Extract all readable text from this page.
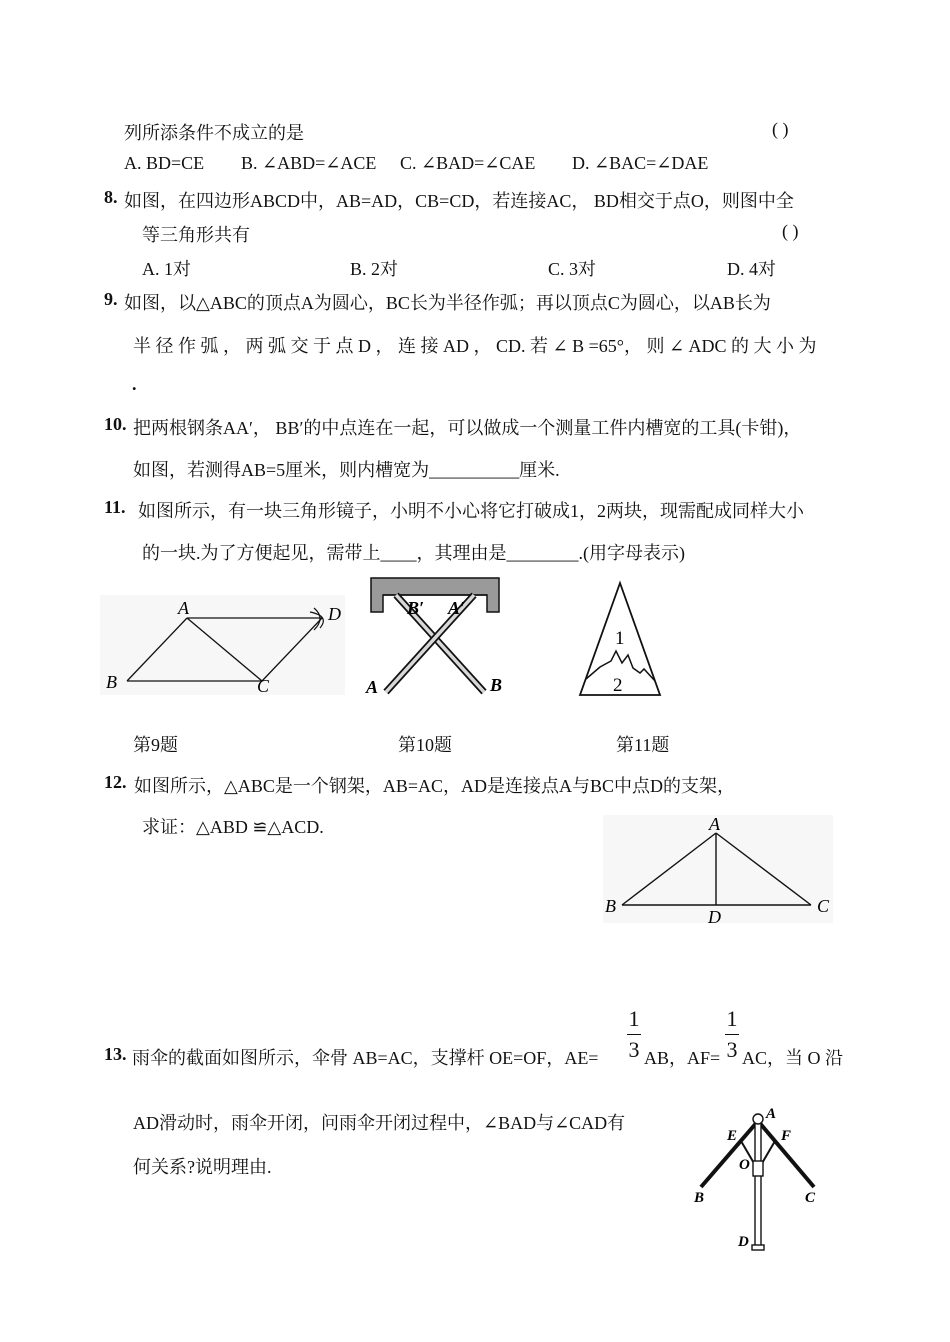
列所添条件不成立的是	( )
A. BD=CE B. ∠ABD=∠ACE C. ∠BAD=∠CAE D. ∠BAC=∠DAE
8. 如图，在四边形ABCD中，AB=AD，CB=CD，若连接AC， BD相交于点O，则图中全
等三角形共有	( )
A. 1对	B. 2对	C. 3对	D. 4对
9. 如图，以△ABC的顶点A为圆心，BC长为半径作弧；再以顶点C为圆心，以AB长为
半 径 作 弧 ， 两 弧 交 于 点 D ， 连 接 AD ， CD. 若 ∠ B =65°， 则 ∠ ADC 的 大 小 为
.
10. 把两根钢条AA′， BB′的中点连在一起，可以做成一个测量工件内槽宽的工具(卡钳)，
如图，若测得AB=5厘米，则内槽宽为__________厘米.
11. 如图所示，有一块三角形镜子，小明不小心将它打破成1，2两块，现需配成同样大小
的一块.为了方便起见，需带上____，其理由是________.(用字母表示)
A
B	C
D	B′ A′
A	B
1
2
第9题	第10题	第11题
12. 如图所示，△ABC是一个钢架，AB=AC，AD是连接点A与BC中点D的支架，
求证：△ABD ≌△ACD.	A
B	C
D
13. 雨伞的截面如图所示，伞骨 AB=AC，支撑杆 OE=OF，AE=
1
3 AB，AF=
1
3 AC，当 O 沿
AD滑动时，雨伞开闭，问雨伞开闭过程中，∠BAD与∠CAD有
何关系?说明理由.
A
E	F
O
B	C
D
